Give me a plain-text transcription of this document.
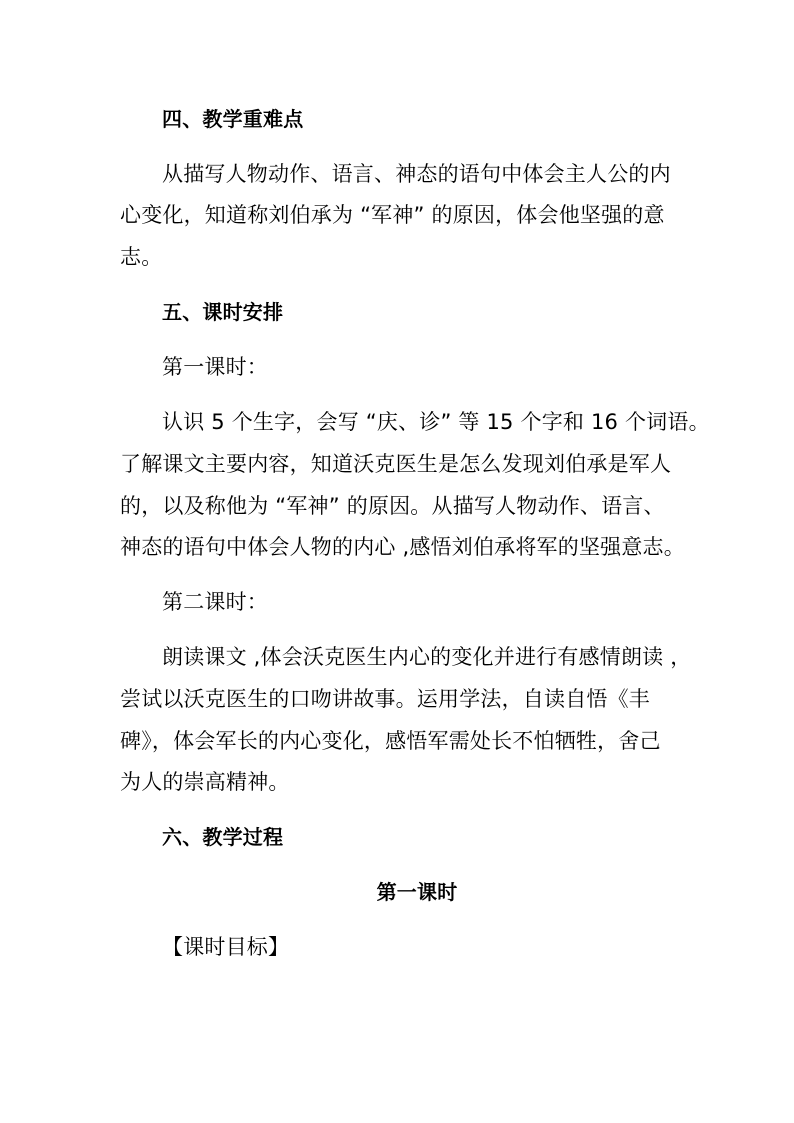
四、教学重难点
从描写人物动作、语言、神态的语句中体会主人公的内
心变化，知道称刘伯承为 “军神” 的原因，体会他坚强的意
志。
五、课时安排
第一课时：
认识 5 个生字，会写 “庆、诊” 等 15 个字和 16 个词语。
了解课文主要内容，知道沃克医生是怎么发现刘伯承是军人
的，以及称他为 “军神” 的原因。从描写人物动作、语言、
神态的语句中体会人物的内心 ,感悟刘伯承将军的坚强意志。
第二课时：
朗读课文 ,体会沃克医生内心的变化并进行有感情朗读 ，
尝试以沃克医生的口吻讲故事。运用学法，自读自悟《丰
碑》，体会军长的内心变化，感悟军需处长不怕牺牲，舍己
为人的崇高精神。
六、教学过程
第一课时
【课时目标】
